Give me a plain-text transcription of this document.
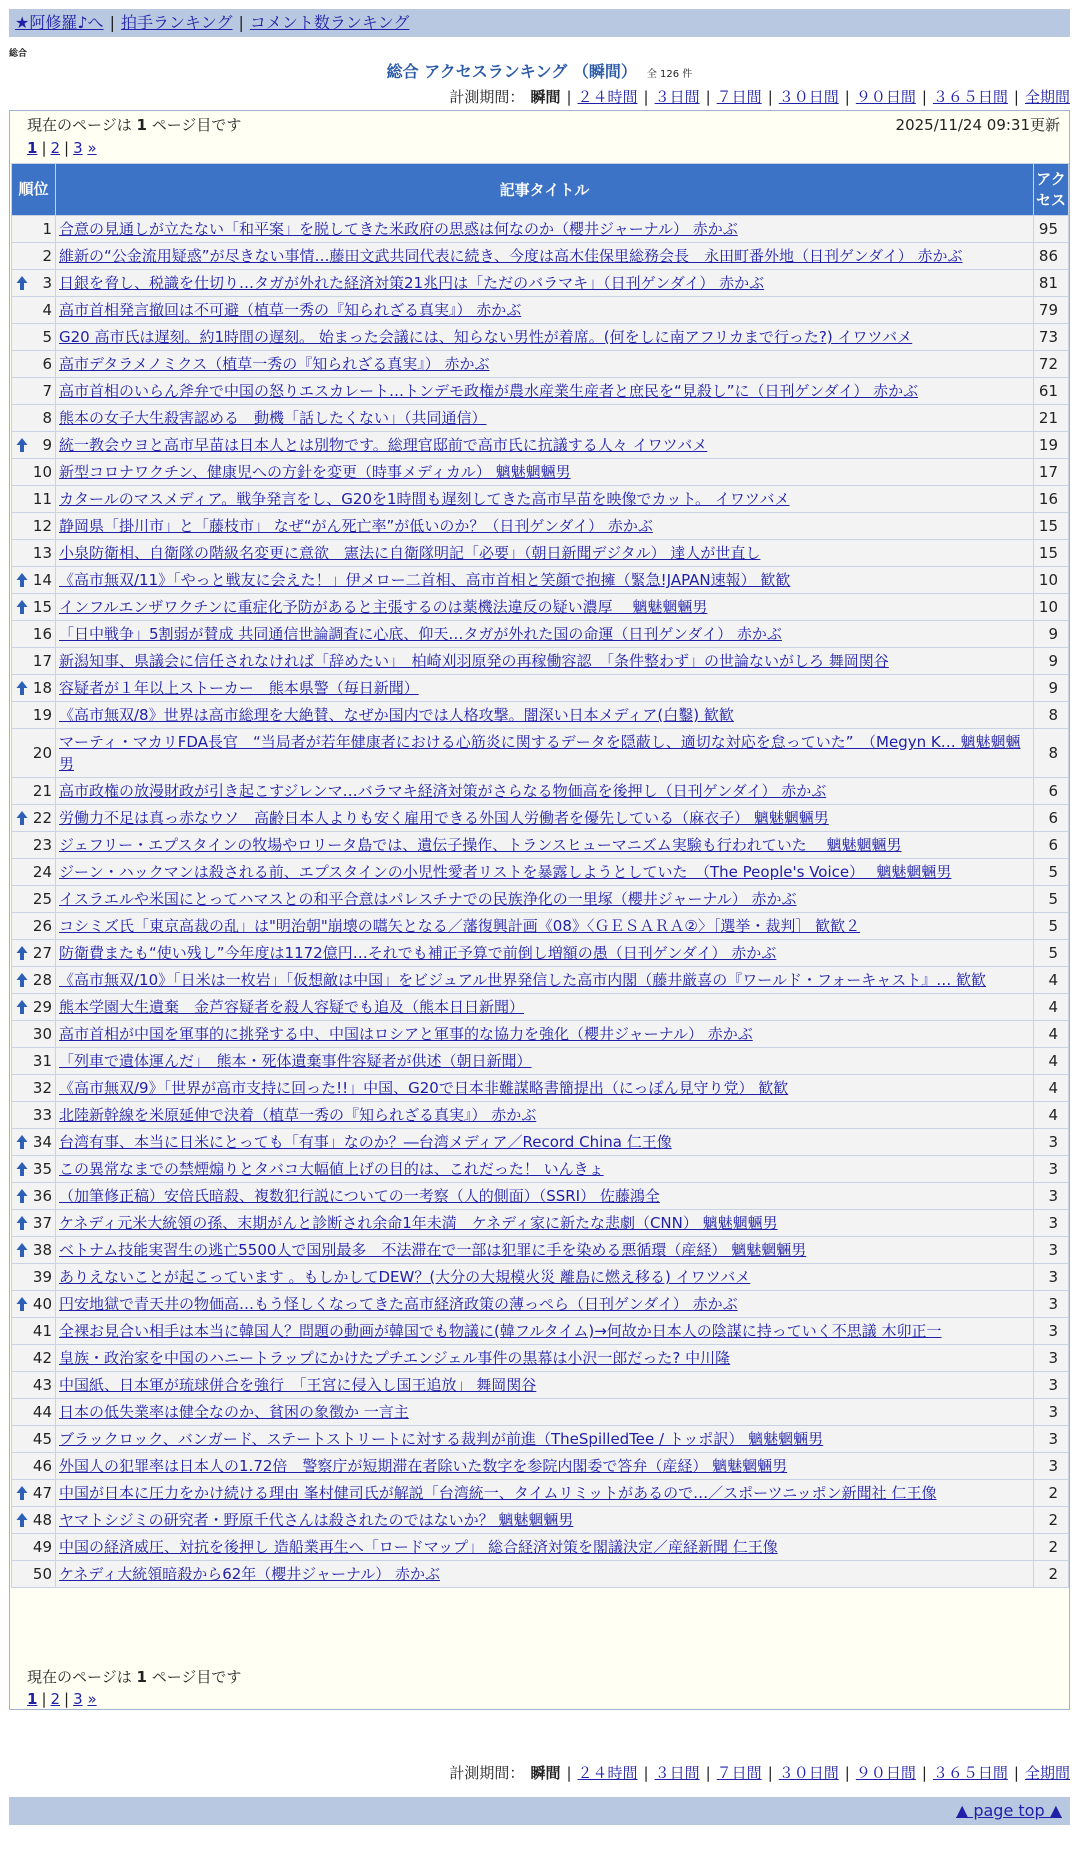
★阿修羅♪へ | 拍手ランキング | コメント数ランキング
総合
総合 アクセスランキング （瞬間） 全 126 件
計測期間： 瞬間 | ２４時間 | ３日間 | ７日間 | ３０日間 | ９０日間 | ３６５日間 | 全期間
現在のページは 1 ページ目です	2025/11/24 09:31更新
1 | 2 | 3 »
順位	記事タイトル	アクセス
1	合意の見通しが立たない「和平案」を脱してきた米政府の思惑は何なのか（櫻井ジャーナル） 赤かぶ	95
2	維新の“公金流用疑惑”が尽きない事情…藤田文武共同代表に続き、今度は高木佳保里総務会長　永田町番外地（日刊ゲンダイ） 赤かぶ	86

3	日銀を脅し、税識を仕切り…タガが外れた経済対策21兆円は「ただのバラマキ」（日刊ゲンダイ） 赤かぶ	81
4	高市首相発言撤回は不可避（植草一秀の『知られざる真実』） 赤かぶ	79
5	G20 高市氏は遅刻。約1時間の遅刻。 始まった会議には、知らない男性が着席。(何をしに南アフリカまで行った?) イワツバメ	73
6	高市デタラメノミクス（植草一秀の『知られざる真実』） 赤かぶ	72
7	高市首相のいらん斧弁で中国の怒りエスカレート…トンデモ政権が農水産業生産者と庶民を“見殺し”に（日刊ゲンダイ） 赤かぶ	61
8	熊本の女子大生殺害認める　動機「話したくない」（共同通信）	21

9	統一教会ウヨと高市早苗は日本人とは別物です。総理官邸前で高市氏に抗議する人々 イワツバメ	19
10	新型コロナワクチン、健康児への方針を変更（時事メディカル） 魑魅魍魎男	17
11	カタールのマスメディア。戦争発言をし、G20を1時間も遅刻してきた高市早苗を映像でカット。 イワツバメ	16
12	静岡県「掛川市」と「藤枝市」 なぜ“がん死亡率”が低いのか？（日刊ゲンダイ） 赤かぶ	15
13	小泉防衛相、自衛隊の階級名変更に意欲　憲法に自衛隊明記「必要」（朝日新聞デジタル） 達人が世直し	15

14	《高市無双/11》「やっと戦友に会えた！」伊メロー二首相、高市首相と笑顔で抱擁（緊急!JAPAN速報） 歓歓	10

15	インフルエンザワクチンに重症化予防があると主張するのは薬機法違反の疑い濃厚　 魑魅魍魎男	10
16	「日中戦争」5割弱が賛成 共同通信世論調査に心底、仰天…タガが外れた国の命運（日刊ゲンダイ） 赤かぶ	9
17	新潟知事、県議会に信任されなければ「辞めたい」　柏崎刈羽原発の再稼働容認　「条件整わず」の世論ないがしろ 舞岡関谷	9

18	容疑者が１年以上ストーカー　熊本県警（毎日新聞）	9
19	《高市無双/8》世界は高市総理を大絶賛、なぜか国内では人格攻撃。闇深い日本メディア(白鑿) 歓歓	8
20	マーティ・マカリFDA長官　“当局者が若年健康者における心筋炎に関するデータを隠蔽し、適切な対応を怠っていた”　（Megyn K… 魑魅魍魎男	8
21	高市政権の放漫財政が引き起こすジレンマ…バラマキ経済対策がさらなる物価高を後押し（日刊ゲンダイ） 赤かぶ	6

22	労働力不足は真っ赤なウソ　高齢日本人よりも安く雇用できる外国人労働者を優先している（麻衣子） 魑魅魍魎男	6
23	ジェフリー・エプスタインの牧場やロリータ島では、遺伝子操作、トランスヒューマニズム実験も行われていた　 魑魅魍魎男	6
24	ジーン・ハックマンは殺される前、エプスタインの小児性愛者リストを暴露しようとしていた　（The People's Voice）　 魑魅魍魎男	5
25	イスラエルや米国にとってハマスとの和平合意はパレスチナでの民族浄化の一里塚（櫻井ジャーナル） 赤かぶ	5
26	コシミズ氏「東京高裁の乱」は"明治朝"崩壊の嚆矢となる／藩復興計画《08》〈ＧＥＳＡＲＡ②〉［選挙・裁判］ 歓歓２	5

27	防衛費またも“使い残し”今年度は1172億円…それでも補正予算で前倒し増額の愚（日刊ゲンダイ） 赤かぶ	5

28	《高市無双/10》「日米は一枚岩」「仮想敵は中国」をビジュアル世界発信した高市内閣（藤井厳喜の『ワールド・フォーキャスト』… 歓歓	4

29	熊本学園大生遺棄　金芦容疑者を殺人容疑でも追及（熊本日日新聞）	4
30	高市首相が中国を軍事的に挑発する中、中国はロシアと軍事的な協力を強化（櫻井ジャーナル） 赤かぶ	4
31	「列車で遺体運んだ」　熊本・死体遺棄事件容疑者が供述（朝日新聞）	4
32	《高市無双/9》「世界が高市支持に回った!!」中国、G20で日本非難謀略書簡提出（にっぽん見守り党） 歓歓	4
33	北陸新幹線を米原延伸で決着（植草一秀の『知られざる真実』） 赤かぶ	4

34	台湾有事、本当に日米にとっても「有事」なのか？―台湾メディア／Record China 仁王像	3

35	この異常なまでの禁煙煽りとタバコ大幅値上げの目的は、これだった！ いんきょ	3

36	（加筆修正稿）安倍氏暗殺、複数犯行説についての一考察（人的側面）（SSRI） 佐藤鴻全	3

37	ケネディ元米大統領の孫、末期がんと診断され余命1年未満　ケネディ家に新たな悲劇（CNN） 魑魅魍魎男	3

38	ベトナム技能実習生の逃亡5500人で国別最多　不法滞在で一部は犯罪に手を染める悪循環（産経） 魑魅魍魎男	3
39	ありえないことが起こっています 。もしかしてDEW？(大分の大規模火災 離島に燃え移る) イワツバメ	3

40	円安地獄で青天井の物価高…もう怪しくなってきた高市経済政策の薄っぺら（日刊ゲンダイ） 赤かぶ	3
41	全裸お見合い相手は本当に韓国人？問題の動画が韓国でも物議に(韓フルタイム)→何故か日本人の陰謀に持っていく不思議 木卯正一	3
42	皇族・政治家を中国のハニートラップにかけたプチエンジェル事件の黒幕は小沢一郎だった? 中川隆	3
43	中国紙、日本軍が琉球併合を強行　「王宮に侵入し国王追放」 舞岡関谷	3
44	日本の低失業率は健全なのか、貧困の象徴か 一言主	3
45	ブラックロック、バンガード、ステートストリートに対する裁判が前進（TheSpilledTee / トッポ訳） 魑魅魍魎男	3
46	外国人の犯罪率は日本人の1.72倍　警察庁が短期滞在者除いた数字を参院内閣委で答弁（産経） 魑魅魍魎男	3

47	中国が日本に圧力をかけ続ける理由 峯村健司氏が解説「台湾統一、タイムリミットがあるので…／スポーツニッポン新聞社 仁王像	2

48	ヤマトシジミの研究者・野原千代さんは殺されたのではないか？ 魑魅魍魎男	2
49	中国の経済威圧、対抗を後押し 造船業再生へ「ロードマップ」 総合経済対策を閣議決定／産経新聞 仁王像	2
50	ケネディ大統領暗殺から62年（櫻井ジャーナル） 赤かぶ	2
現在のページは 1 ページ目です
1 | 2 | 3 »
計測期間： 瞬間 | ２４時間 | ３日間 | ７日間 | ３０日間 | ９０日間 | ３６５日間 | 全期間
▲ page top ▲
